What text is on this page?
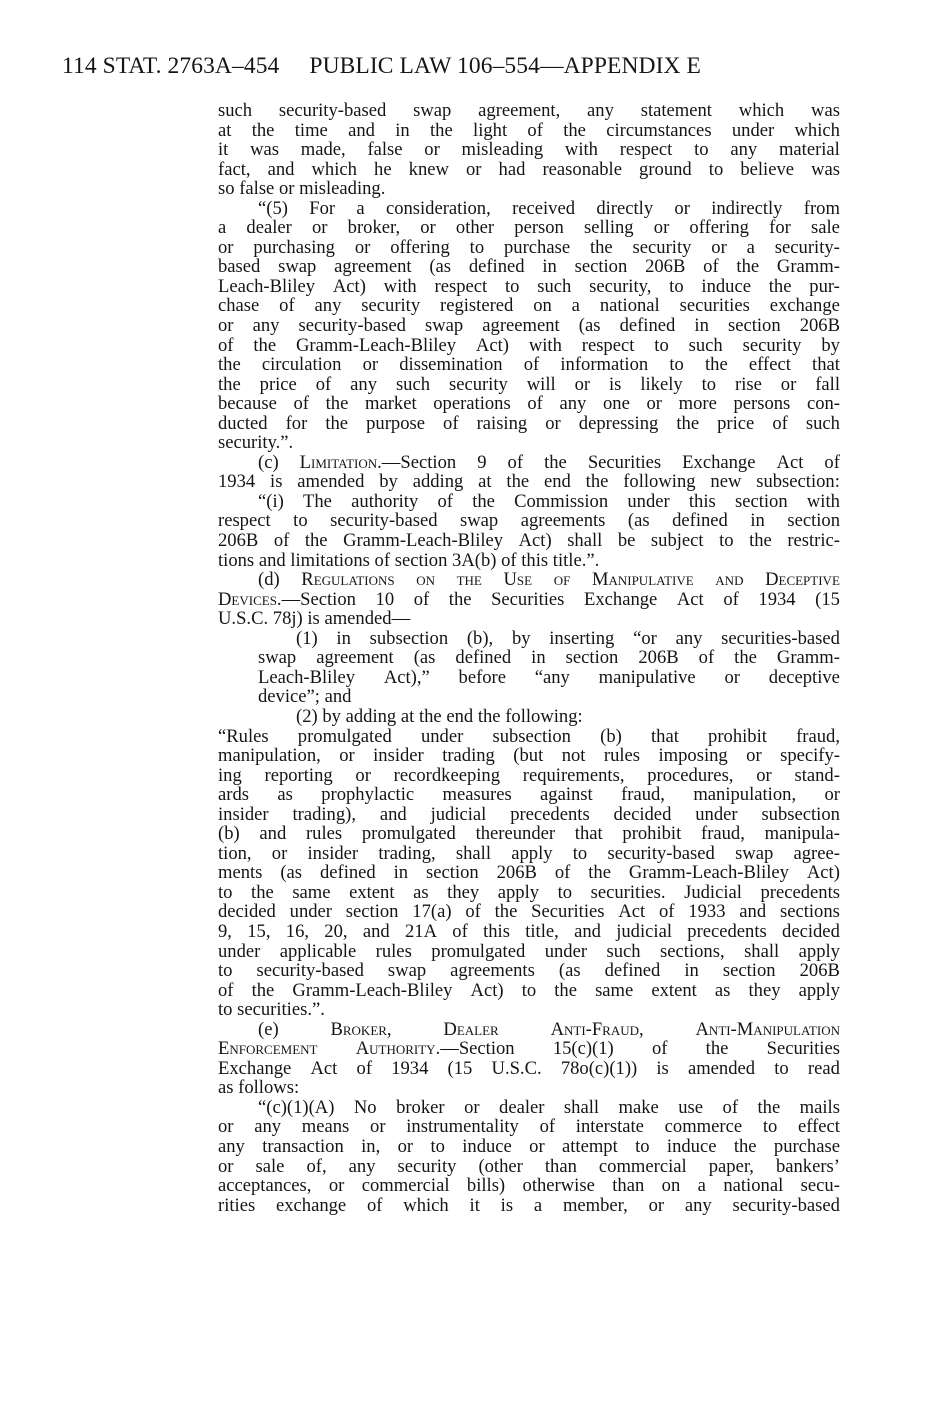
114 STAT. 2763A–454 PUBLIC LAW 106–554—APPENDIX E
such security-based swap agreement, any statement which was
at the time and in the light of the circumstances under which
it was made, false or misleading with respect to any material
fact, and which he knew or had reasonable ground to believe was
so false or misleading.
“(5) For a consideration, received directly or indirectly from
a dealer or broker, or other person selling or offering for sale
or purchasing or offering to purchase the security or a security-
based swap agreement (as defined in section 206B of the Gramm-
Leach-Bliley Act) with respect to such security, to induce the pur-
chase of any security registered on a national securities exchange
or any security-based swap agreement (as defined in section 206B
of the Gramm-Leach-Bliley Act) with respect to such security by
the circulation or dissemination of information to the effect that
the price of any such security will or is likely to rise or fall
because of the market operations of any one or more persons con-
ducted for the purpose of raising or depressing the price of such
security.”.
(c) Limitation.—Section 9 of the Securities Exchange Act of
1934 is amended by adding at the end the following new subsection:
“(i) The authority of the Commission under this section with
respect to security-based swap agreements (as defined in section
206B of the Gramm-Leach-Bliley Act) shall be subject to the restric-
tions and limitations of section 3A(b) of this title.”.
(d) Regulations on the Use of Manipulative and Deceptive
Devices.—Section 10 of the Securities Exchange Act of 1934 (15
U.S.C. 78j) is amended—
(1) in subsection (b), by inserting “or any securities-based
swap agreement (as defined in section 206B of the Gramm-
Leach-Bliley Act),” before “any manipulative or deceptive
device”; and
(2) by adding at the end the following:
“Rules promulgated under subsection (b) that prohibit fraud,
manipulation, or insider trading (but not rules imposing or specify-
ing reporting or recordkeeping requirements, procedures, or stand-
ards as prophylactic measures against fraud, manipulation, or
insider trading), and judicial precedents decided under subsection
(b) and rules promulgated thereunder that prohibit fraud, manipula-
tion, or insider trading, shall apply to security-based swap agree-
ments (as defined in section 206B of the Gramm-Leach-Bliley Act)
to the same extent as they apply to securities. Judicial precedents
decided under section 17(a) of the Securities Act of 1933 and sections
9, 15, 16, 20, and 21A of this title, and judicial precedents decided
under applicable rules promulgated under such sections, shall apply
to security-based swap agreements (as defined in section 206B
of the Gramm-Leach-Bliley Act) to the same extent as they apply
to securities.”.
(e)	Broker,	Dealer	Anti-Fraud,	Anti-Manipulation
Enforcement Authority.—Section 15(c)(1) of the Securities
Exchange Act of 1934 (15 U.S.C. 78o(c)(1)) is amended to read
as follows:
“(c)(1)(A) No broker or dealer shall make use of the mails
or any means or instrumentality of interstate commerce to effect
any transaction in, or to induce or attempt to induce the purchase
or sale of, any security (other than commercial paper, bankers’
acceptances, or commercial bills) otherwise than on a national secu-
rities exchange of which it is a member, or any security-based
